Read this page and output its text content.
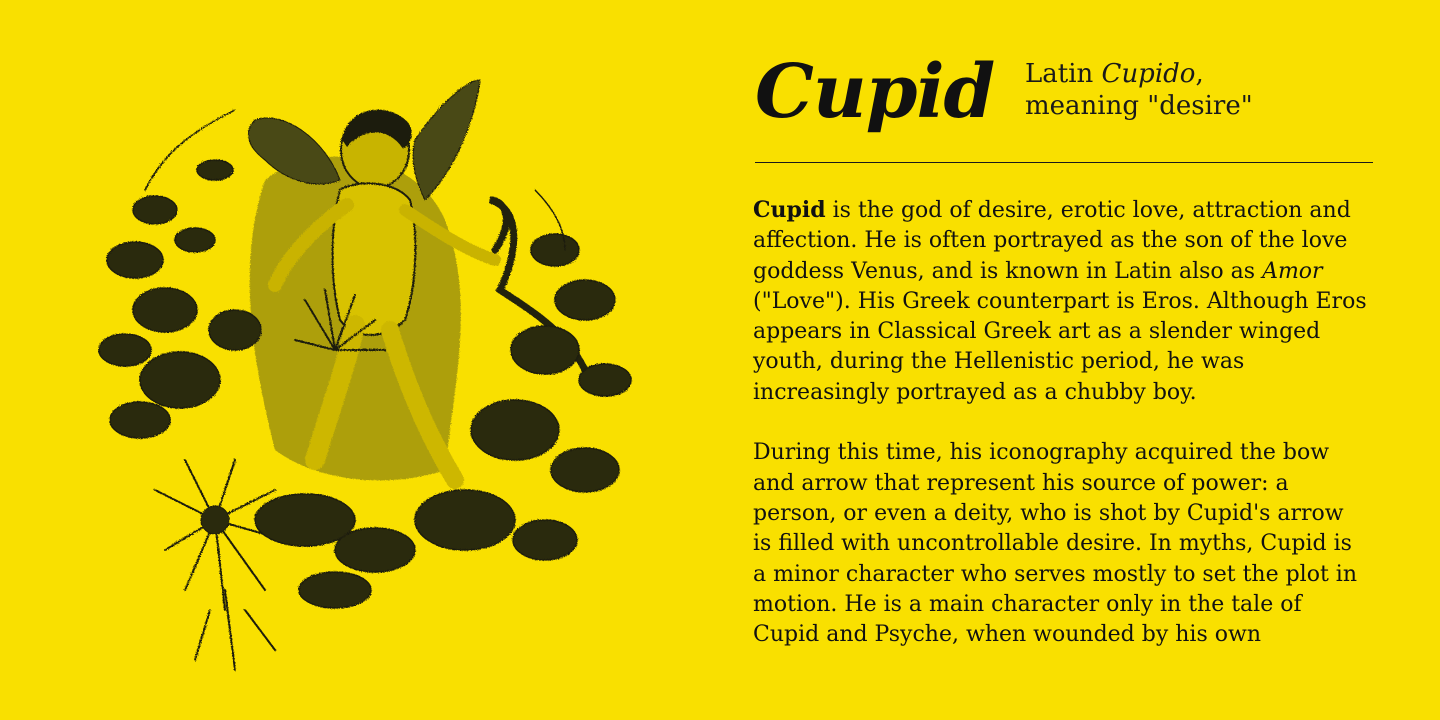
Cupid Latin Cupido,
meaning "desire"

Cupid is the god of desire, erotic love, attraction and

affection. He is often portrayed as the son of the love

goddess Venus, and is known in Latin also as Amor

("Love"). His Greek counterpart is Eros. Although Eros

appears in Classical Greek art as a slender winged

youth, during the Hellenistic period, he was

increasingly portrayed as a chubby boy.

During this time, his iconography acquired the bow

and arrow that represent his source of power: a

person, or even a deity, who is shot by Cupid's arrow

is filled with uncontrollable desire. In myths, Cupid is

a minor character who serves mostly to set the plot in

motion. He is a main character only in the tale of

Cupid and Psyche, when wounded by his own
